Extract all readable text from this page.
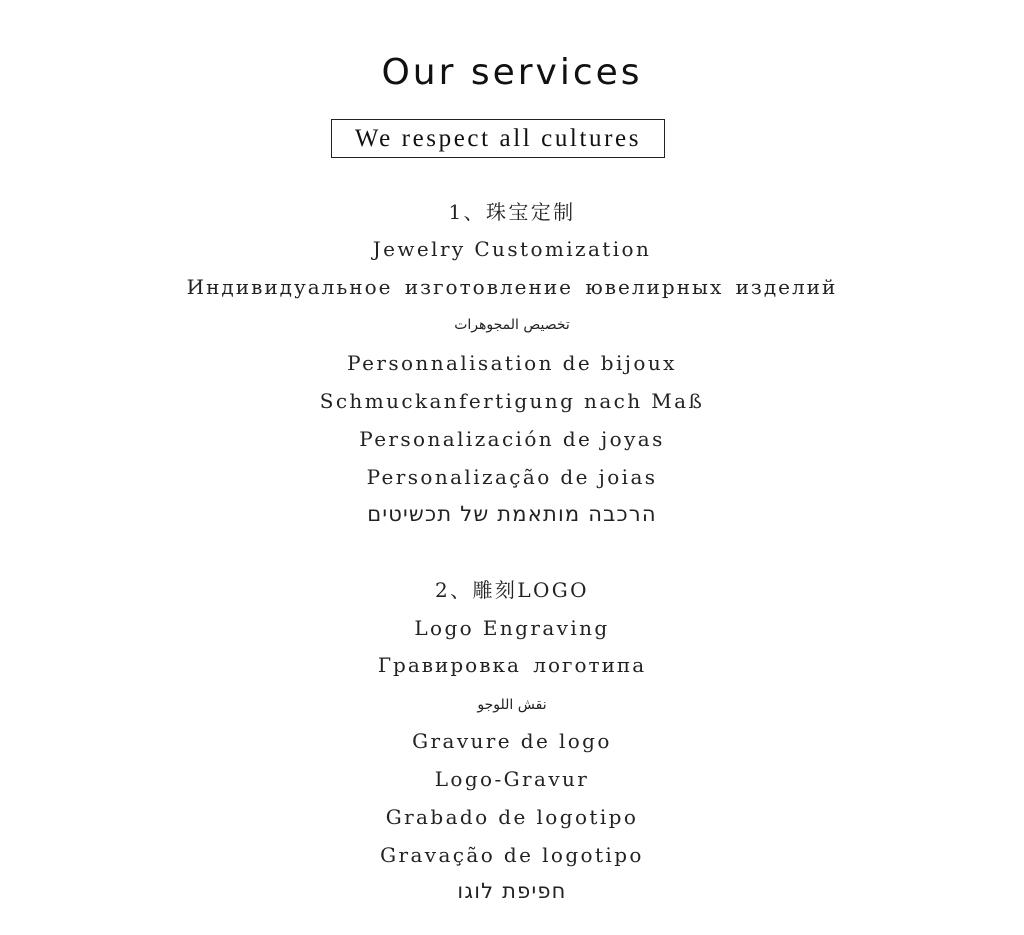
Our services
We respect all cultures
1、珠宝定制
Jewelry Customization
Индивидуальное изготовление ювелирных изделий
تخصيص المجوهرات
Personnalisation de bijoux
Schmuckanfertigung nach Maß
Personalización de joyas
Personalização de joias
הרכבה מותאמת של תכשיטים
2、雕刻LOGO
Logo Engraving
Гравировка логотипа
نقش اللوجو
Gravure de logo
Logo-Gravur
Grabado de logotipo
Gravação de logotipo
חפיפת לוגו
